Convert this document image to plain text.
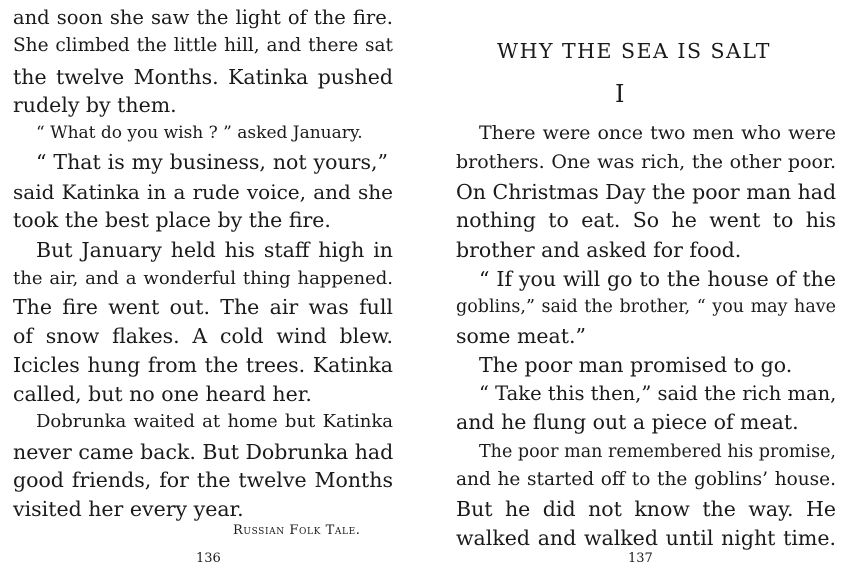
and soon she saw the light of the fire.
She climbed the little hill, and there sat
the twelve Months. Katinka pushed
rudely by them.
“ What do you wish ? ” asked January.
“ That is my business, not yours,”
said Katinka in a rude voice, and she
took the best place by the fire.
But January held his staff high in
the air, and a wonderful thing happened.
The fire went out. The air was full
of snow flakes. A cold wind blew.
Icicles hung from the trees. Katinka
called, but no one heard her.
Dobrunka waited at home but Katinka
never came back. But Dobrunka had
good friends, for the twelve Months
visited her every year.
Russian Folk Tale.
136
WHY THE SEA IS SALT
I
There were once two men who were
brothers. One was rich, the other poor.
On Christmas Day the poor man had
nothing to eat. So he went to his
brother and asked for food.
“ If you will go to the house of the
goblins,” said the brother, “ you may have
some meat.”
The poor man promised to go.
“ Take this then,” said the rich man,
and he flung out a piece of meat.
The poor man remembered his promise,
and he started off to the goblins’ house.
But he did not know the way. He
walked and walked until night time.
137
